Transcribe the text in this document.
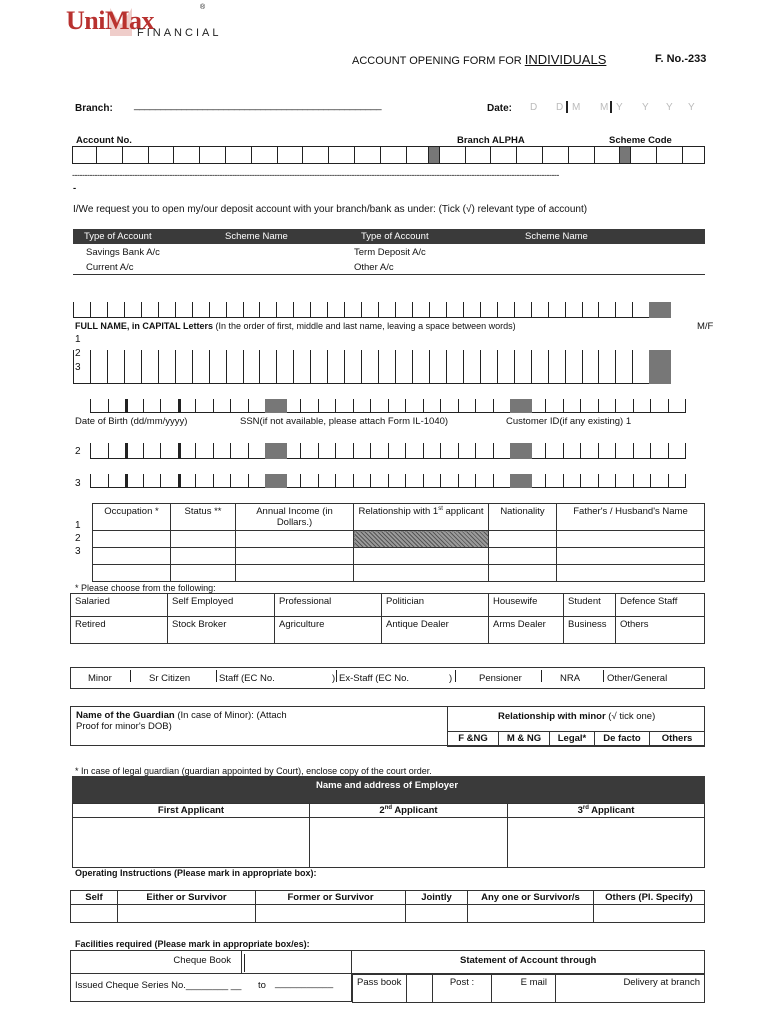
UniMax
FINANCIAL
®
ACCOUNT OPENING FORM FOR INDIVIDUALS	F. No.-233
Branch: _______________________________________________	Date: D D M M Y Y Y Y
Account No.	Branch ALPHA	Scheme Code
---------------------------------------------------------------------------------------------------------------------------------------------------------------------------------------------------
-
I/We request you to open my/our deposit account with your branch/bank as under: (Tick (√) relevant type of account)
Type of Account	Scheme Name	Type of Account	Scheme Name
Savings Bank A/c	Term Deposit A/c
Current A/c	Other A/c
FULL NAME, in CAPITAL Letters (In the order of first, middle and last name, leaving a space between words)	M/F
1
2
3
Date of Birth (dd/mm/yyyy)	SSN(if not available, please attach Form IL-1040)	Customer ID(if any existing) 1
2
3
Occupation *	Status **	Annual Income (in Dollars.)	Relationship with 1st applicant	Nationality	Father's / Husband's Name

1
2
3
* Please choose from the following:
Salaried	Self Employed	Professional	Politician	Housewife	Student	Defence Staff
Retired	Stock Broker	Agriculture	Antique Dealer	Arms Dealer	Business	Others
Minor	Sr Citizen	Staff (EC No.	) Ex-Staff (EC No.	)	Pensioner	NRA	Other/General
Name of the Guardian (In case of Minor): (Attach
Proof for minor's DOB)
Relationship with minor (√ tick one)
F &NG	M & NG	Legal*	De facto	Others
* In case of legal guardian (guardian appointed by Court), enclose copy of the court order.
Name and address of Employer
First Applicant	2nd Applicant	3rd Applicant

Operating Instructions (Please mark in appropriate box):
Self	Either or Survivor	Former or Survivor	Jointly	Any one or Survivor/s	Others (Pl. Specify)

Facilities required (Please mark in appropriate box/es):
Cheque Book	Statement of Account through
Issued Cheque Series No.________ __ to ___________	Pass book		Post :	E mail	Delivery at branch
